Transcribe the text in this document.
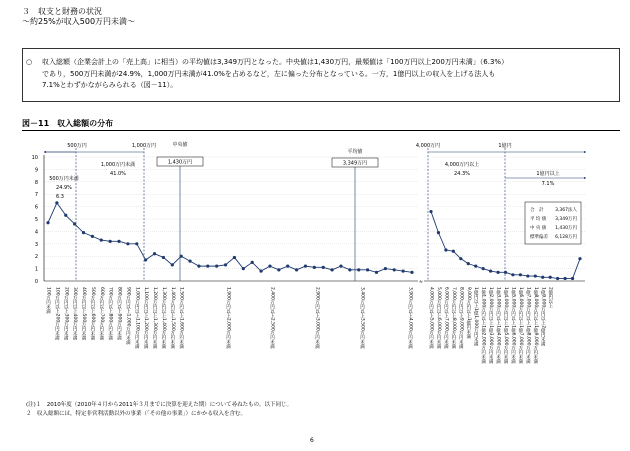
３　収支と財務の状況
～約25%が収入500万円未満～
○	収入総額（企業会計上の「売上高」に相当）の平均値は3,349万円となった。中央値は1,430万円，最頻値は「100万円以上200万円未満」（6.3%）
であり，500万円未満が24.9%，1,000万円未満が41.0%を占めるなど，左に偏った分布となっている。一方，1億円以上の収入を上げる法人も
7.1%とわずかながらみられる（図－11）。
図－11　収入総額の分布
≈
0
1
2
3
4
5
6
7
8
9
10
500万円	1,000万円
1,000万円未満
41.0%
500万円未満
24.9%
6.3
中央値
1,430万円
平均値
3,349万円
4,000万円	1億円
4,000万円以上
24.3%	1億円以上
7.1%
100万円未満 100万円以上200万円未満 200万円以上300万円未満 300万円以上400万円未満 400万円以上500万円未満 500万円以上600万円未満 600万円以上700万円未満 700万円以上800万円未満 800万円以上900万円未満 900万円以上1,000万円未満 1,000万円以上1,100万円未満 1,100万円以上1,200万円未満 1,200万円以上1,300万円未満 1,300万円以上1,400万円未満 1,400万円以上1,500万円未満 1,500万円以上1,600万円未満	1,900万円以上2,000万円未満	2,400万円以上2,500万円未満	2,900万円以上3,000万円未満	3,400万円以上3,500万円未満	3,900万円以上4,000万円未満	4,000万円以上5,000万円未満 5,000万円以上6,000万円未満 6,000万円以上7,000万円未満 7,000万円以上8,000万円未満 8,000万円以上9,000万円未満 9,000万円以上1億円未満 1億円以上1億1,000万円未満 1億1,000万円以上1億2,000万円未満 1億2,000万円以上1億3,000万円未満 1億3,000万円以上1億4,000万円未満 1億4,000万円以上1億5,000万円未満 1億5,000万円以上1億6,000万円未満 1億6,000万円以上1億7,000万円未満 1億7,000万円以上1億8,000万円未満 1億8,000万円以上1億9,000万円未満 1億9,000万円以上2億円未満 2億円以上
合　計	3,367法人
平 均 値 3,349万円
中 央 値 1,430万円
標準偏差 6,128万円
(注)１　2010年度（2010年４月から2011年３月までに決算を迎えた期）について尋ねたもの。以下同じ。
２　収入総額には，特定非営利活動以外の事業（「その他の事業」）にかかる収入を含む。
6
